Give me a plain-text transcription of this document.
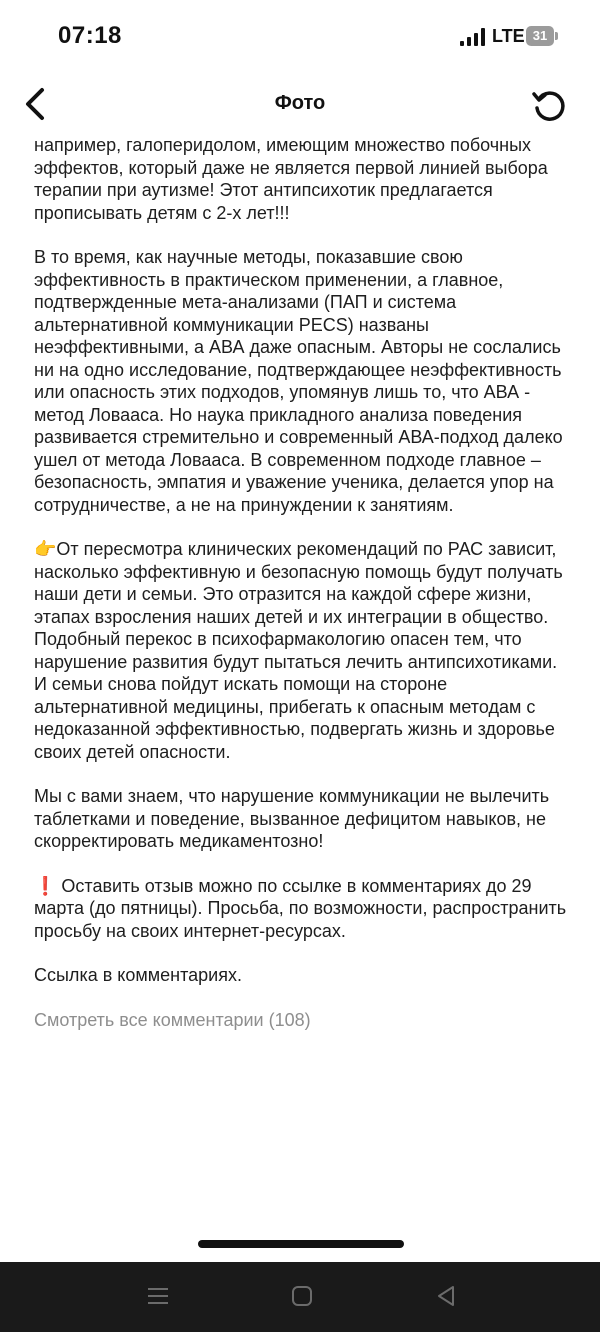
07:18	LTE 31
Фото

например, галоперидолом, имеющим множество побочных эффектов, который даже не является первой линией выбора терапии при аутизме! Этот антипсихотик предлагается прописывать детям с 2-х лет!!!

В то время, как научные методы, показавшие свою эффективность в практическом применении, а главное, подтвержденные мета-анализами (ПАП и система альтернативной коммуникации PECS) названы неэффективными, а АВА даже опасным. Авторы не сослались ни на одно исследование, подтверждающее неэффективность или опасность этих подходов, упомянув лишь то, что АВА - метод Ловааса. Но наука прикладного анализа поведения развивается стремительно и современный АВА-подход далеко ушел от метода Ловааса. В современном подходе главное – безопасность, эмпатия и уважение ученика, делается упор на сотрудничестве, а не на принуждении к занятиям.

👉От пересмотра клинических рекомендаций по РАС зависит, насколько эффективную и безопасную помощь будут получать наши дети и семьи. Это отразится на каждой сфере жизни, этапах взросления наших детей и их интеграции в общество. Подобный перекос в психофармакологию опасен тем, что нарушение развития будут пытаться лечить антипсихотиками. И семьи снова пойдут искать помощи на стороне альтернативной медицины, прибегать к опасным методам с недоказанной эффективностью, подвергать жизнь и здоровье своих детей опасности.

Мы с вами знаем, что нарушение коммуникации не вылечить таблетками и поведение, вызванное дефицитом навыков, не скорректировать медикаментозно!

❗ Оставить отзыв можно по ссылке в комментариях до 29 марта (до пятницы). Просьба, по возможности, распространить просьбу на своих интернет-ресурсах.

Ссылка в комментариях.

Смотреть все комментарии (108)
